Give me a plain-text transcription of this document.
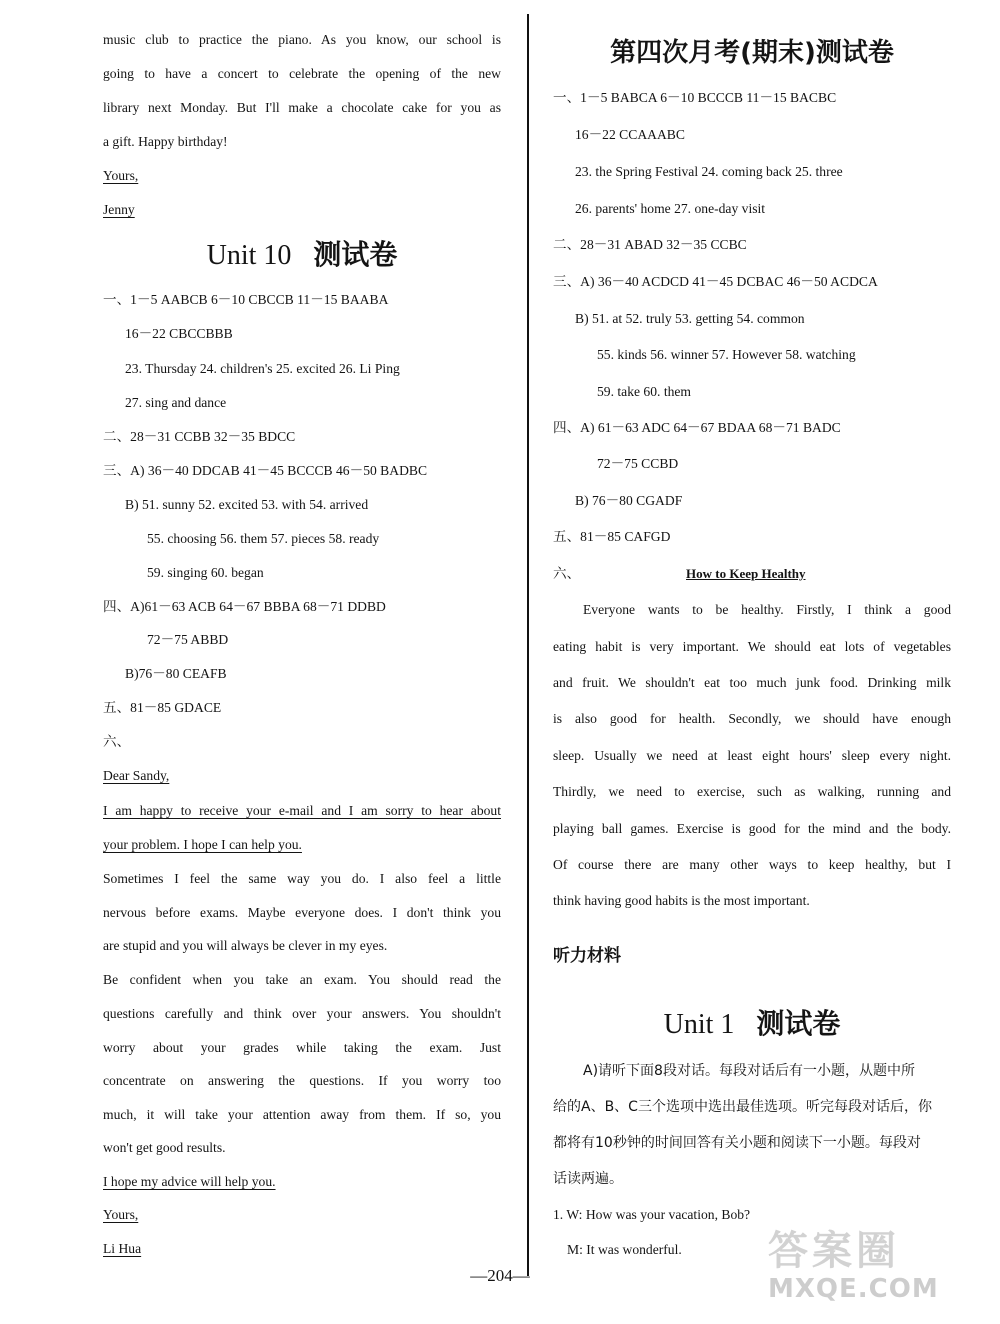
music club to practice the piano. As you know, our school is
going to have a concert to celebrate the opening of the new
library next Monday. But I'll make a chocolate cake for you as
a gift. Happy birthday!
Yours,
Jenny
Unit 10 测试卷
一、1－5 AABCB 6－10 CBCCB 11－15 BAABA
16－22 CBCCBBB
23. Thursday 24. children's 25. excited 26. Li Ping
27. sing and dance
二、28－31 CCBB 32－35 BDCC
三、A) 36－40 DDCAB 41－45 BCCCB 46－50 BADBC
B) 51. sunny 52. excited 53. with 54. arrived
55. choosing 56. them 57. pieces 58. ready
59. singing 60. began
四、A)61－63 ACB 64－67 BBBA 68－71 DDBD
72－75 ABBD
B)76－80 CEAFB
五、81－85 GDACE
六、
Dear Sandy,
I am happy to receive your e-mail and I am sorry to hear about
your problem. I hope I can help you.
Sometimes I feel the same way you do. I also feel a little
nervous before exams. Maybe everyone does. I don't think you
are stupid and you will always be clever in my eyes.
Be confident when you take an exam. You should read the
questions carefully and think over your answers. You shouldn't
worry about your grades while taking the exam. Just
concentrate on answering the questions. If you worry too
much, it will take your attention away from them. If so, you
won't get good results.
I hope my advice will help you.
Yours,
Li Hua
第四次月考(期末)测试卷
一、1－5 BABCA 6－10 BCCCB 11－15 BACBC
16－22 CCAAABC
23. the Spring Festival 24. coming back 25. three
26. parents' home 27. one-day visit
二、28－31 ABAD 32－35 CCBC
三、A) 36－40 ACDCD 41－45 DCBAC 46－50 ACDCA
B) 51. at 52. truly 53. getting 54. common
55. kinds 56. winner 57. However 58. watching
59. take 60. them
四、A) 61－63 ADC 64－67 BDAA 68－71 BADC
72－75 CCBD
B) 76－80 CGADF
五、81－85 CAFGD
六、	How to Keep Healthy
Everyone wants to be healthy. Firstly, I think a good
eating habit is very important. We should eat lots of vegetables
and fruit. We shouldn't eat too much junk food. Drinking milk
is also good for health. Secondly, we should have enough
sleep. Usually we need at least eight hours' sleep every night.
Thirdly, we need to exercise, such as walking, running and
playing ball games. Exercise is good for the mind and the body.
Of course there are many other ways to keep healthy, but I
think having good habits is the most important.
听力材料
Unit 1 测试卷
A)请听下面8段对话。每段对话后有一小题，从题中所
给的A、B、C三个选项中选出最佳选项。听完每段对话后，你
都将有10秒钟的时间回答有关小题和阅读下一小题。每段对
话读两遍。
1. W: How was your vacation, Bob?
M: It was wonderful.
—204—
答案圈
MXQE.COM
